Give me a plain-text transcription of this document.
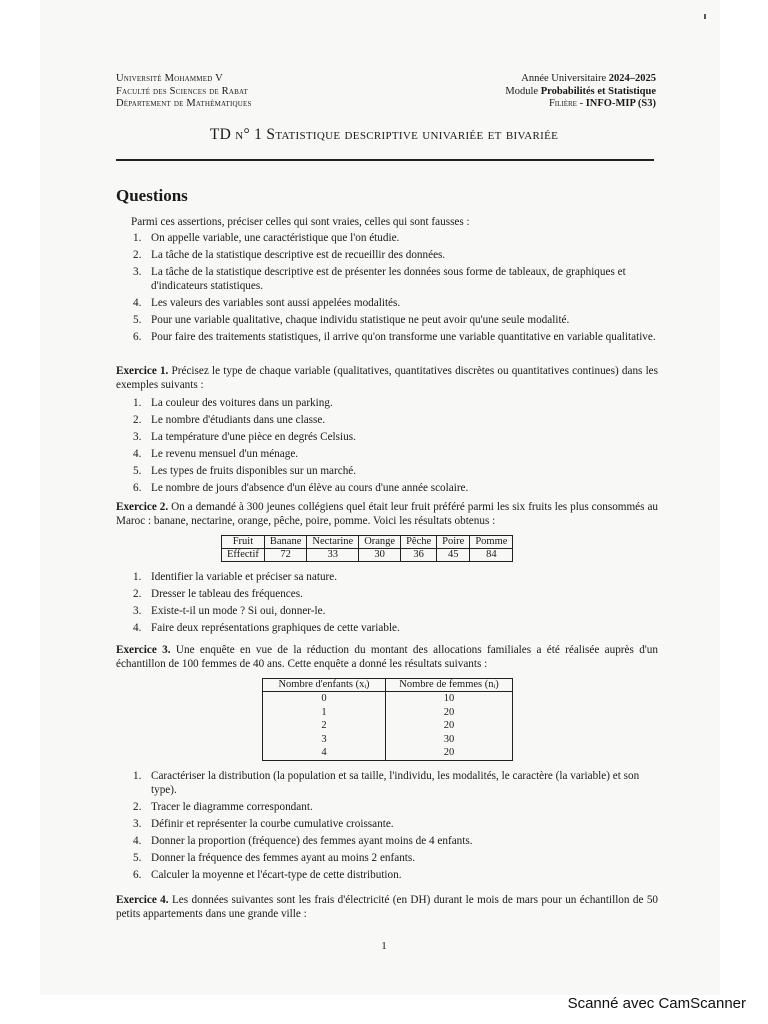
Université Mohammed V
Faculté des Sciences de Rabat
Département de Mathématiques
Année Universitaire 2024–2025
Module Probabilités et Statistique
Filière - INFO-MIP (S3)
TD n° 1 Statistique descriptive univariée et bivariée
Questions
Parmi ces assertions, préciser celles qui sont vraies, celles qui sont fausses :
1. On appelle variable, une caractéristique que l'on étudie.
2. La tâche de la statistique descriptive est de recueillir des données.
3. La tâche de la statistique descriptive est de présenter les données sous forme de tableaux, de graphiques et d'indicateurs statistiques.
4. Les valeurs des variables sont aussi appelées modalités.
5. Pour une variable qualitative, chaque individu statistique ne peut avoir qu'une seule modalité.
6. Pour faire des traitements statistiques, il arrive qu'on transforme une variable quantitative en variable qualitative.
Exercice 1. Précisez le type de chaque variable (qualitatives, quantitatives discrètes ou quantitatives continues) dans les exemples suivants :
1. La couleur des voitures dans un parking.
2. Le nombre d'étudiants dans une classe.
3. La température d'une pièce en degrés Celsius.
4. Le revenu mensuel d'un ménage.
5. Les types de fruits disponibles sur un marché.
6. Le nombre de jours d'absence d'un élève au cours d'une année scolaire.
Exercice 2. On a demandé à 300 jeunes collégiens quel était leur fruit préféré parmi les six fruits les plus consommés au Maroc : banane, nectarine, orange, pêche, poire, pomme. Voici les résultats obtenus :
Fruit	Banane	Nectarine	Orange	Pêche	Poire	Pomme
Effectif	72	33	30	36	45	84
1. Identifier la variable et préciser sa nature.
2. Dresser le tableau des fréquences.
3. Existe-t-il un mode ? Si oui, donner-le.
4. Faire deux représentations graphiques de cette variable.
Exercice 3. Une enquête en vue de la réduction du montant des allocations familiales a été réalisée auprès d'un échantillon de 100 femmes de 40 ans. Cette enquête a donné les résultats suivants :
Nombre d'enfants (xᵢ)	Nombre de femmes (nᵢ)
0	10
1	20
2	20
3	30
4	20
1. Caractériser la distribution (la population et sa taille, l'individu, les modalités, le caractère (la variable) et son type).
2. Tracer le diagramme correspondant.
3. Définir et représenter la courbe cumulative croissante.
4. Donner la proportion (fréquence) des femmes ayant moins de 4 enfants.
5. Donner la fréquence des femmes ayant au moins 2 enfants.
6. Calculer la moyenne et l'écart-type de cette distribution.
Exercice 4. Les données suivantes sont les frais d'électricité (en DH) durant le mois de mars pour un échantillon de 50 petits appartements dans une grande ville :
1
Scanné avec CamScanner
